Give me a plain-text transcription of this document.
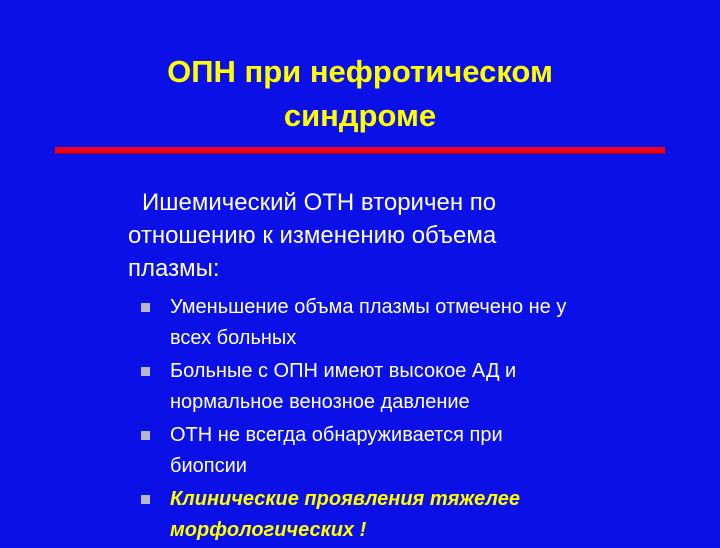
ОПН при нефротическом
синдроме
Ишемический ОТН вторичен по
отношению к изменению объема
плазмы:
Уменьшение объма плазмы отмечено не у
всех больных
Больные с ОПН имеют высокое АД и
нормальное венозное давление
ОТН не всегда обнаруживается при
биопсии
Клинические проявления тяжелее
морфологических !
